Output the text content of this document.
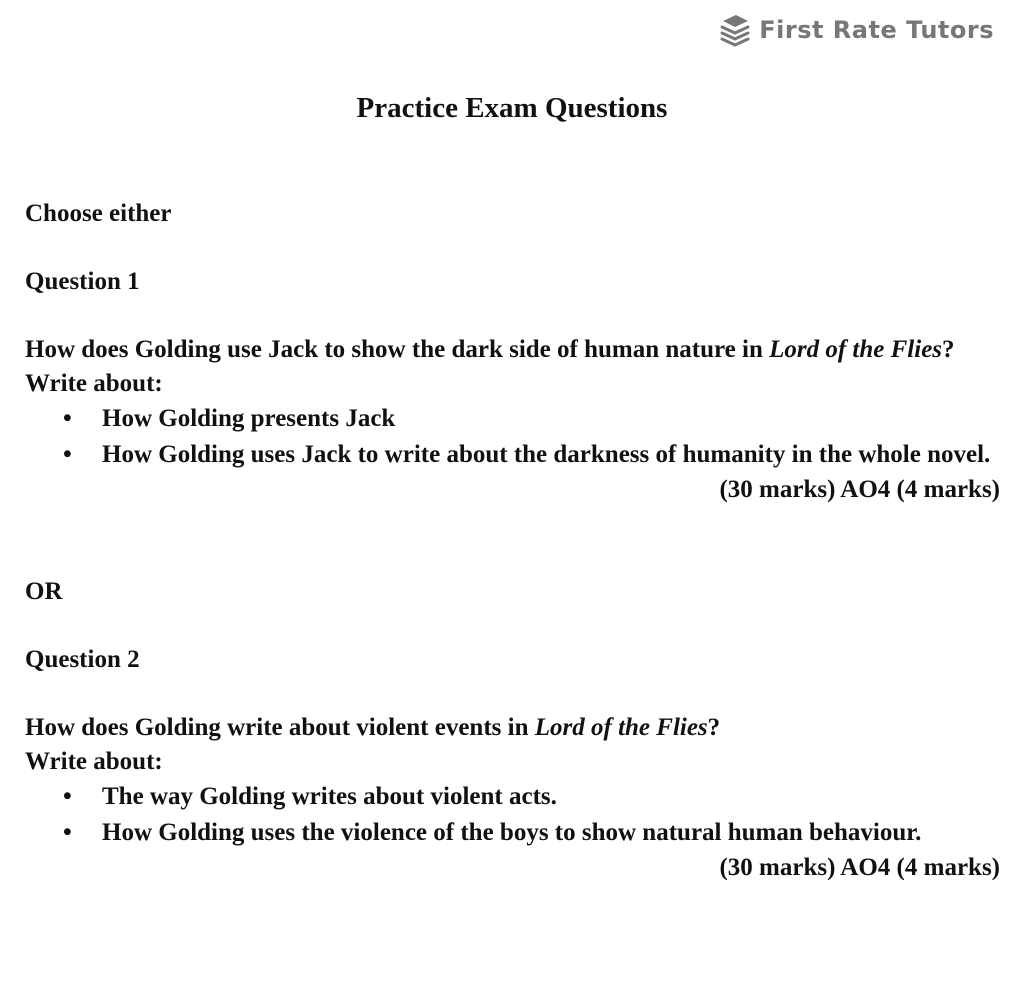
First Rate Tutors
Practice Exam Questions

Choose either

Question 1

How does Golding use Jack to show the dark side of human nature in Lord of the Flies?

Write about:

• How Golding presents Jack
• How Golding uses Jack to write about the darkness of humanity in the whole novel.

(30 marks) AO4 (4 marks)

OR

Question 2

How does Golding write about violent events in Lord of the Flies?

Write about:

• The way Golding writes about violent acts.
• How Golding uses the violence of the boys to show natural human behaviour.

(30 marks) AO4 (4 marks)
